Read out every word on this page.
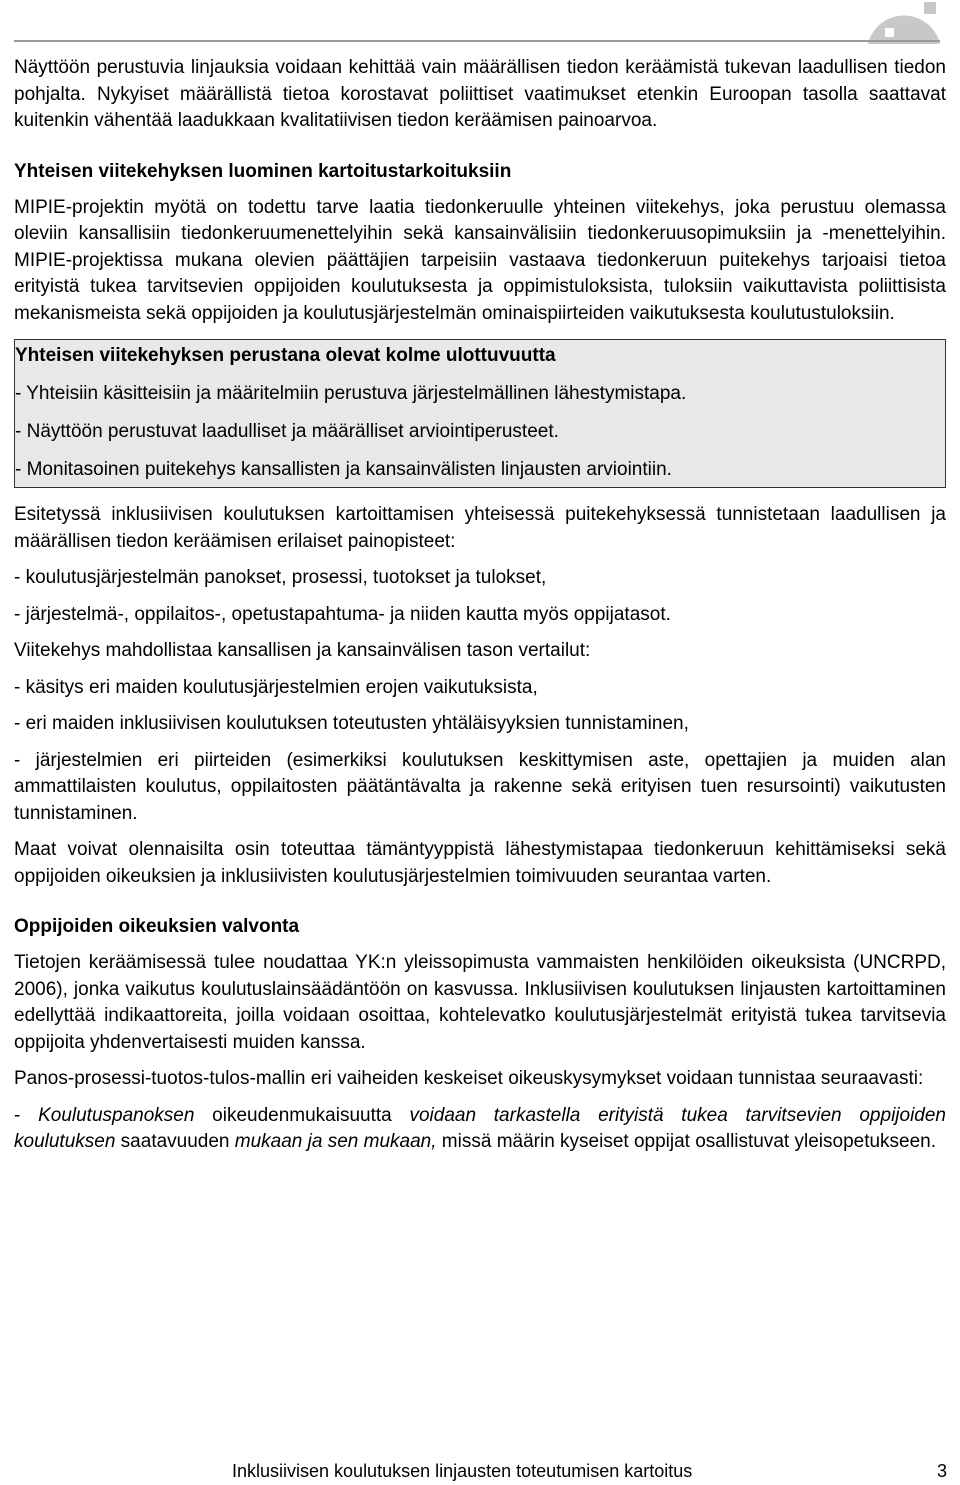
Näyttöön perustuvia linjauksia voidaan kehittää vain määrällisen tiedon keräämistä tukevan laadullisen tiedon pohjalta. Nykyiset määrällistä tietoa korostavat poliittiset vaatimukset etenkin Euroopan tasolla saattavat kuitenkin vähentää laadukkaan kvalitatiivisen tiedon keräämisen painoarvoa.

Yhteisen viitekehyksen luominen kartoitustarkoituksiin

MIPIE-projektin myötä on todettu tarve laatia tiedonkeruulle yhteinen viitekehys, joka perustuu olemassa oleviin kansallisiin tiedonkeruumenettelyihin sekä kansainvälisiin tiedonkeruusopimuksiin ja -menettelyihin. MIPIE-projektissa mukana olevien päättäjien tarpeisiin vastaava tiedonkeruun puitekehys tarjoaisi tietoa erityistä tukea tarvitsevien oppijoiden koulutuksesta ja oppimistuloksista, tuloksiin vaikuttavista poliittisista mekanismeista sekä oppijoiden ja koulutusjärjestelmän ominaispiirteiden vaikutuksesta koulutustuloksiin.

Yhteisen viitekehyksen perustana olevat kolme ulottuvuutta

- Yhteisiin käsitteisiin ja määritelmiin perustuva järjestelmällinen lähestymistapa.

- Näyttöön perustuvat laadulliset ja määrälliset arviointiperusteet.

- Monitasoinen puitekehys kansallisten ja kansainvälisten linjausten arviointiin.

Esitetyssä inklusiivisen koulutuksen kartoittamisen yhteisessä puitekehyksessä tunnistetaan laadullisen ja määrällisen tiedon keräämisen erilaiset painopisteet:

- koulutusjärjestelmän panokset, prosessi, tuotokset ja tulokset,

- järjestelmä-, oppilaitos-, opetustapahtuma- ja niiden kautta myös oppijatasot.

Viitekehys mahdollistaa kansallisen ja kansainvälisen tason vertailut:

- käsitys eri maiden koulutusjärjestelmien erojen vaikutuksista,

- eri maiden inklusiivisen koulutuksen toteutusten yhtäläisyyksien tunnistaminen,

- järjestelmien eri piirteiden (esimerkiksi koulutuksen keskittymisen aste, opettajien ja muiden alan ammattilaisten koulutus, oppilaitosten päätäntävalta ja rakenne sekä erityisen tuen resursointi) vaikutusten tunnistaminen.

Maat voivat olennaisilta osin toteuttaa tämäntyyppistä lähestymistapaa tiedonkeruun kehittämiseksi sekä oppijoiden oikeuksien ja inklusiivisten koulutusjärjestelmien toimivuuden seurantaa varten.

Oppijoiden oikeuksien valvonta

Tietojen keräämisessä tulee noudattaa YK:n yleissopimusta vammaisten henkilöiden oikeuksista (UNCRPD, 2006), jonka vaikutus koulutuslainsäädäntöön on kasvussa. Inklusiivisen koulutuksen linjausten kartoittaminen edellyttää indikaattoreita, joilla voidaan osoittaa, kohtelevatko koulutusjärjestelmät erityistä tukea tarvitsevia oppijoita yhdenvertaisesti muiden kanssa.

Panos-prosessi-tuotos-tulos-mallin eri vaiheiden keskeiset oikeuskysymykset voidaan tunnistaa seuraavasti:

- Koulutuspanoksen oikeudenmukaisuutta voidaan tarkastella erityistä tukea tarvitsevien oppijoiden koulutuksen saatavuuden mukaan ja sen mukaan, missä määrin kyseiset oppijat osallistuvat yleisopetukseen.

Inklusiivisen koulutuksen linjausten toteutumisen kartoitus	3
